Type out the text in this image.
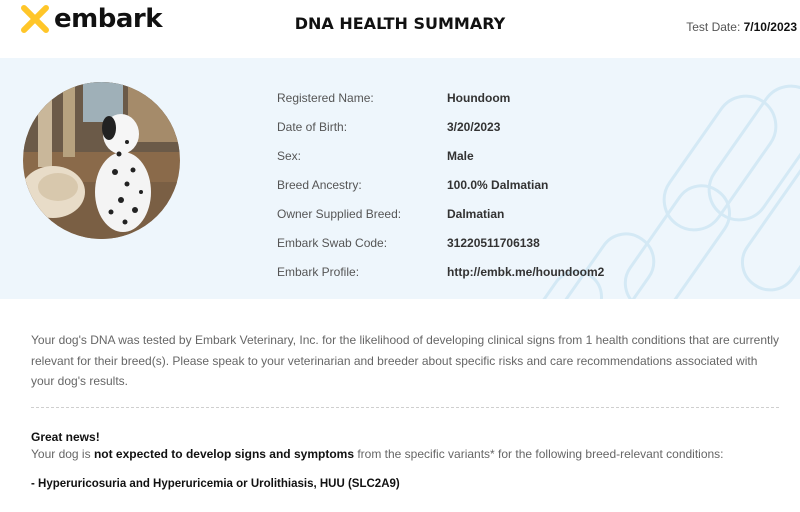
embark	DNA HEALTH SUMMARY	Test Date: 7/10/2023
Registered Name:	Houndoom
Date of Birth:	3/20/2023
Sex:	Male
Breed Ancestry:	100.0% Dalmatian
Owner Supplied Breed:	Dalmatian
Embark Swab Code:	31220511706138
Embark Profile:	http://embk.me/houndoom2

Your dog's DNA was tested by Embark Veterinary, Inc. for the likelihood of developing clinical signs from 1 health conditions that are currently relevant for their breed(s). Please speak to your veterinarian and breeder about specific risks and care recommendations associated with your dog's results.

Great news!
Your dog is not expected to develop signs and symptoms from the specific variants* for the following breed-relevant conditions:
- Hyperuricosuria and Hyperuricemia or Urolithiasis, HUU (SLC2A9)
